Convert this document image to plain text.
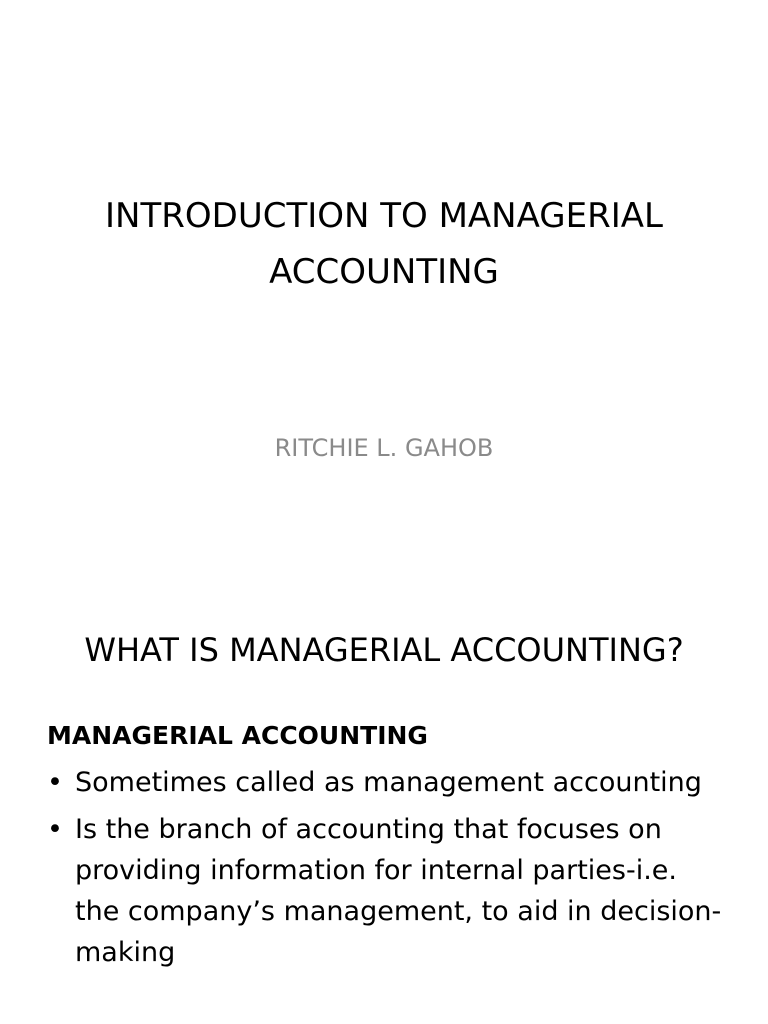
INTRODUCTION TO MANAGERIAL ACCOUNTING

RITCHIE L. GAHOB

WHAT IS MANAGERIAL ACCOUNTING?

MANAGERIAL ACCOUNTING

• Sometimes called as management accounting
• Is the branch of accounting that focuses on providing information for internal parties-i.e. the company’s management, to aid in decision-making
